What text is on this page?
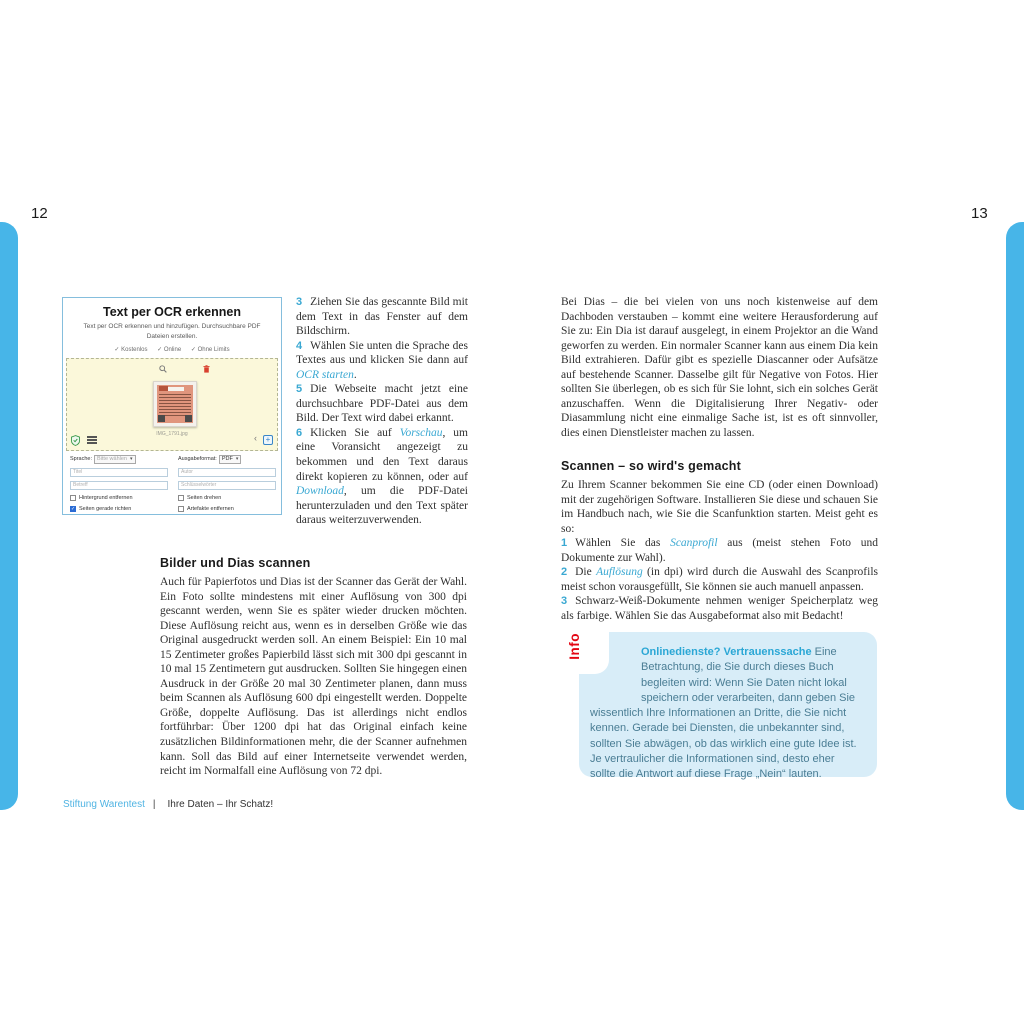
12	13
Text per OCR erkennen
Text per OCR erkennen und hinzufügen. Durchsuchbare PDF Dateien erstellen.
✓ Kostenlos ✓ Online ✓ Ohne Limits
IMG_1791.jpg	‹	+
Sprache: Bitte wählen ▾
Titel
Betreff
Hintergrund entfernen
✓ Seiten gerade richten
Ausgabeformat: PDF ▾
Autor
Schlüsselwörter
Seiten drehen
Artefakte entfernen

3 Ziehen Sie das gescannte Bild mit dem Text in das Fenster auf dem Bildschirm.

4 Wählen Sie unten die Sprache des Textes aus und klicken Sie dann auf OCR starten.

5 Die Webseite macht jetzt eine durchsuchbare PDF-Datei aus dem Bild. Der Text wird dabei erkannt.

6 Klicken Sie auf Vorschau, um eine Voransicht angezeigt zu bekommen und den Text daraus direkt kopieren zu können, oder auf Download, um die PDF-Datei herunterzuladen und den Text später daraus weiterzuverwenden.

Bilder und Dias scannen
Auch für Papierfotos und Dias ist der Scanner das Gerät der Wahl. Ein Foto sollte mindestens mit einer Auflösung von 300 dpi gescannt werden, wenn Sie es später wieder drucken möchten. Diese Auflösung reicht aus, wenn es in derselben Größe wie das Original ausgedruckt werden soll. An einem Beispiel: Ein 10 mal 15 Zentimeter großes Papierbild lässt sich mit 300 dpi gescannt in 10 mal 15 Zentimetern gut ausdrucken. Sollten Sie hingegen einen Ausdruck in der Größe 20 mal 30 Zentimeter planen, dann muss beim Scannen als Auflösung 600 dpi eingestellt werden. Doppelte Größe, doppelte Auflösung. Das ist allerdings nicht endlos fortführbar: Über 1200 dpi hat das Original einfach keine zusätzlichen Bildinformationen mehr, die der Scanner aufnehmen kann. Soll das Bild auf einer Internetseite verwendet werden, reicht im Normalfall eine Auflösung von 72 dpi.
Stiftung Warentest | Ihre Daten – Ihr Schatz!
Bei Dias – die bei vielen von uns noch kistenweise auf dem Dachboden verstauben – kommt eine weitere Herausforderung auf Sie zu: Ein Dia ist darauf ausgelegt, in einem Projektor an die Wand geworfen zu werden. Ein normaler Scanner kann aus einem Dia kein Bild extrahieren. Dafür gibt es spezielle Diascanner oder Aufsätze auf bestehende Scanner. Dasselbe gilt für Negative von Fotos. Hier sollten Sie überlegen, ob es sich für Sie lohnt, sich ein solches Gerät anzuschaffen. Wenn die Digitalisierung Ihrer Negativ- oder Diasammlung nicht eine einmalige Sache ist, ist es oft sinnvoller, dies einen Dienstleister machen zu lassen.
Scannen – so wird's gemacht

Zu Ihrem Scanner bekommen Sie eine CD (oder einen Download) mit der zugehörigen Software. Installieren Sie diese und schauen Sie im Handbuch nach, wie Sie die Scanfunktion starten. Meist geht es so:

1 Wählen Sie das Scanprofil aus (meist stehen Foto und Dokumente zur Wahl).

2 Die Auflösung (in dpi) wird durch die Auswahl des Scanprofils meist schon vorausgefüllt, Sie können sie auch manuell anpassen.

3 Schwarz-Weiß-Dokumente nehmen weniger Speicherplatz weg als farbige. Wählen Sie das Ausgabeformat also mit Bedacht!

Info	Onlinedienste? Vertrauenssache Eine Betrachtung, die Sie durch dieses Buch begleiten wird: Wenn Sie Daten nicht lokal speichern oder verarbeiten, dann geben Sie wissentlich Ihre Informationen an Dritte, die Sie nicht kennen. Gerade bei Diensten, die unbekannter sind, sollten Sie abwägen, ob das wirklich eine gute Idee ist. Je vertraulicher die Informationen sind, desto eher sollte die Antwort auf diese Frage „Nein“ lauten.
